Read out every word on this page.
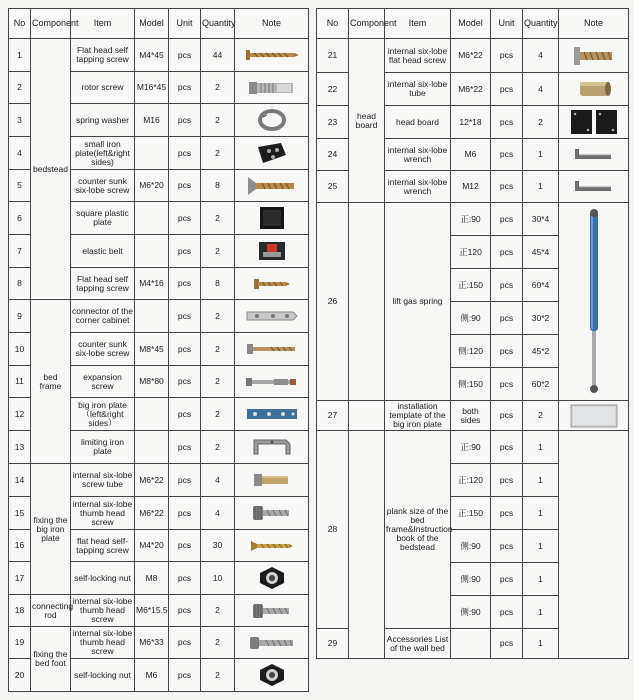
No	Component	Item	Model	Unit	Quantity	Note
1	bedstead	Flat head self tapping screw	M4*45	pcs	44	

2		rotor screw	M16*45	pcs	2	

3		spring washer	M16	pcs	2	

4		small iron plate(left&right sides)		pcs	2	

5		counter sunk six-lobe screw	M6*20	pcs	8	

6		square plastic plate		pcs	2	

7		elastic belt		pcs	2	

8		Flat head self tapping screw	M4*16	pcs	8	

9	bed frame	connector of the corner cabinet		pcs	2	

10		counter sunk six-lobe screw	M8*45	pcs	2	

11		expansion screw	M8*80	pcs	2	

12		big iron plate（left&right sides）		pcs	2	

13		limiting iron plate		pcs	2	

14	fixing the big iron plate	internal six-lobe screw tube	M6*22	pcs	4	

15		internal six-lobe thumb head screw	M6*22	pcs	4	

16		flat head self-tapping screw	M4*20	pcs	30	

17		self-locking nut	M8	pcs	10	

18	connecting rod	internal six-lobe thumb head screw	M6*15.5	pcs	2	

19	fixing the bed foot	internal six-lobe thumb head screw	M6*33	pcs	2	

20		self-locking nut	M6	pcs	2	
No	Component	Item	Model	Unit	Quantity	Note
21	head board	internal six-lobe flat head screw	M6*22	pcs	4	

22		internal six-lobe tube	M6*22	pcs	4	

23		head board	12*18	pcs	2	

24		internal six-lobe wrench	M6	pcs	1	

25		internal six-lobe wrench	M12	pcs	1	

26		lift gas spring	正:90	pcs	30*4	

			正120	pcs	45*4	
			正:150	pcs	60*4	
			侧:90	pcs	30*2	
			侧:120	pcs	45*2	
			侧:150	pcs	60*2	
27		installation template of the big iron plate	both sides	pcs	2	

28		plank size of the bed frame&Instruction book of the bedstead	正:90	pcs	1	
			正:120	pcs	1	
			正:150	pcs	1	
			侧:90	pcs	1	
			侧:90	pcs	1	
			侧:90	pcs	1	
29		Accessories List of the wall bed		pcs	1	
